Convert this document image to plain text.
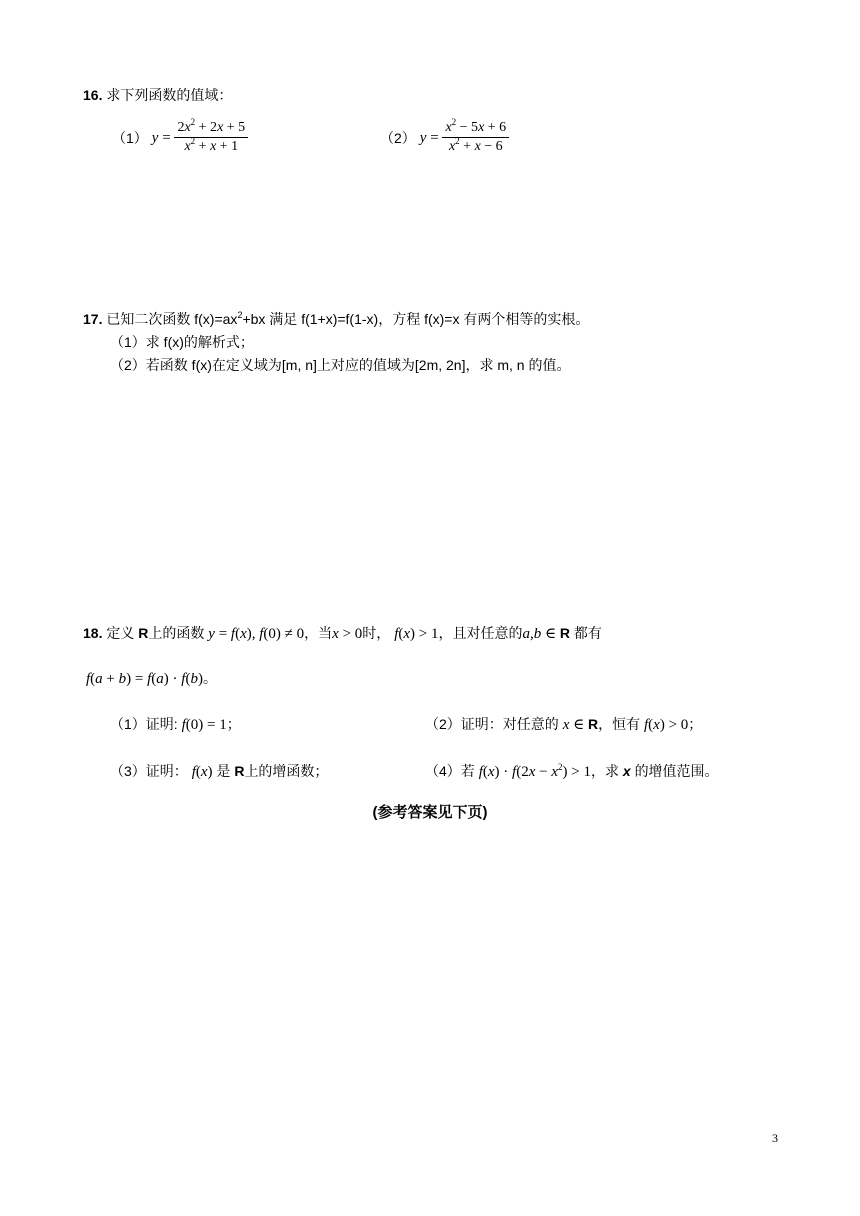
16. 求下列函数的值域：
（1） $y = \frac{2x^2 + 2x + 5}{x^2 + x + 1}$	（2） $y = \frac{x^2 - 5x + 6}{x^2 + x - 6}$
17. 已知二次函数 $f(x)=ax^2+bx$ 满足 f(1+x)=f(1-x)，方程 f(x)=x 有两个相等的实根。
（1）求 f(x)的解析式；
（2）若函数 f(x)在定义域为[m, n]上对应的值域为[2m, 2n]，求 m, n 的值。
18. 定义 R上的函数 y = f(x), f(0) ≠ 0，当x > 0时， f(x) > 1，且对任意的a,b ∈ R 都有
f(a + b) = f(a) · f(b)。
（1）证明: f(0) = 1；	（2）证明：对任意的 x ∈ R，恒有 f(x) > 0；
（3）证明： f(x) 是 R上的增函数；	（4）若 $f(x) \cdot f(2x - x^2) > 1$，求 x 的增值范围。
(参考答案见下页)
3
